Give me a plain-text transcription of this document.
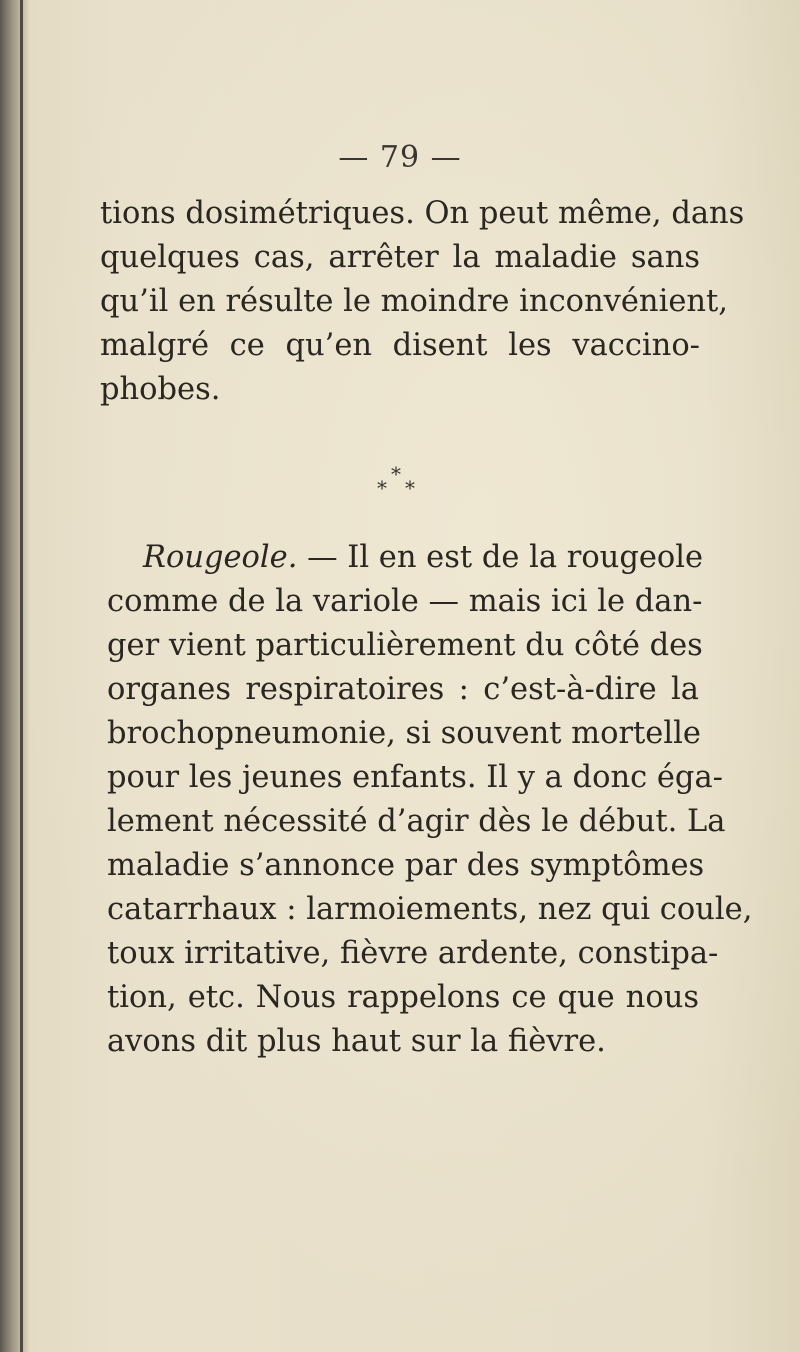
— 79 —
tions dosimétriques. On peut même, dans
quelques cas, arrêter la maladie sans
qu’il en résulte le moindre inconvénient,
malgré ce qu’en disent les vaccino-
phobes.
*
* *
Rougeole. — Il en est de la rougeole
comme de la variole — mais ici le dan-
ger vient particulièrement du côté des
organes respiratoires : c’est-à-dire la
brochopneumonie, si souvent mortelle
pour les jeunes enfants. Il y a donc éga-
lement nécessité d’agir dès le début. La
maladie s’annonce par des symptômes
catarrhaux : larmoiements, nez qui coule,
toux irritative, fièvre ardente, constipa-
tion, etc. Nous rappelons ce que nous
avons dit plus haut sur la fièvre.
